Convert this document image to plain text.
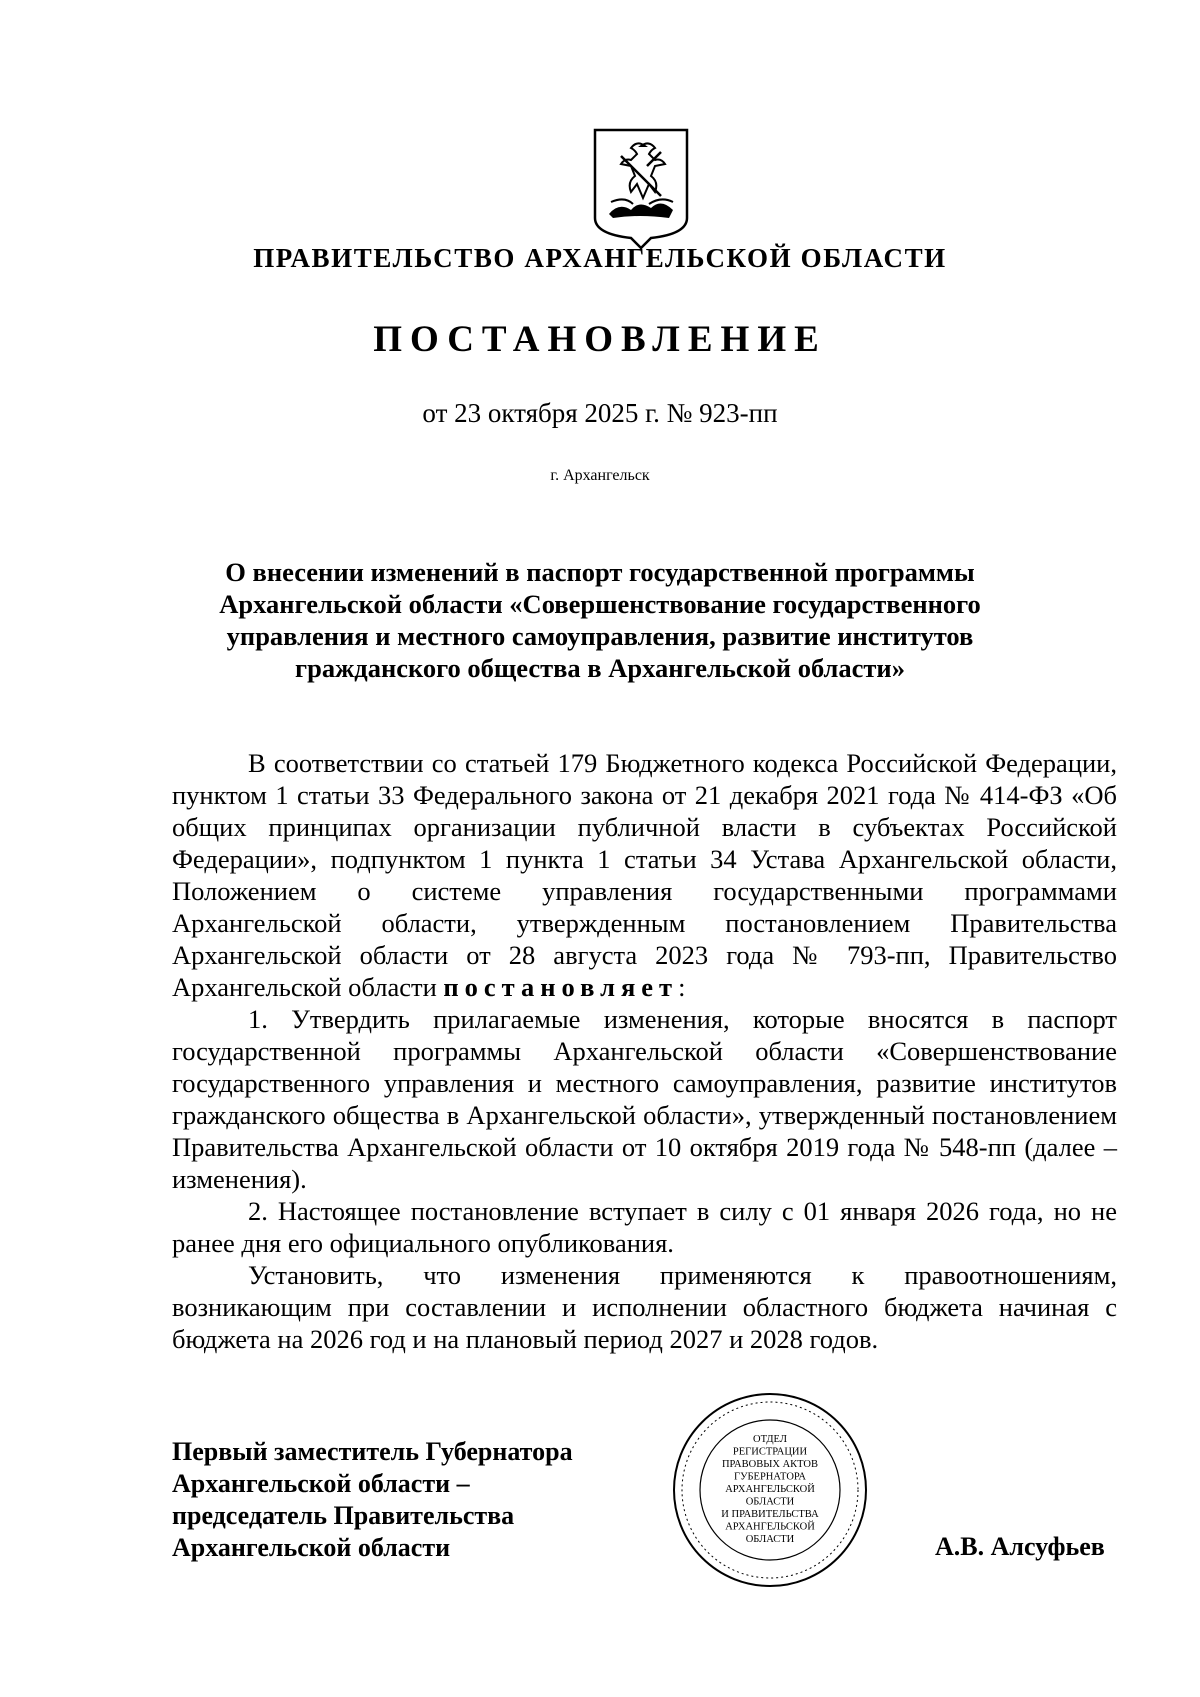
ПРАВИТЕЛЬСТВО АРХАНГЕЛЬСКОЙ ОБЛАСТИ
ПОСТАНОВЛЕНИЕ
от 23 октября 2025 г. № 923-пп
г. Архангельск
О внесении изменений в паспорт государственной программы
Архангельской области «Совершенствование государственного
управления и местного самоуправления, развитие институтов
гражданского общества в Архангельской области»

В соответствии со статьей 179 Бюджетного кодекса Российской Федерации, пунктом 1 статьи 33 Федерального закона от 21 декабря 2021 года № 414-ФЗ «Об общих принципах организации публичной власти в субъектах Российской Федерации», подпунктом 1 пункта 1 статьи 34 Устава Архангельской области, Положением о системе управления государственными программами Архангельской области, утвержденным постановлением Правительства Архангельской области от 28 августа 2023 года № 793-пп, Правительство Архангельской области постановляет:

1. Утвердить прилагаемые изменения, которые вносятся в паспорт государственной программы Архангельской области «Совершенствование государственного управления и местного самоуправления, развитие институтов гражданского общества в Архангельской области», утвержденный постановлением Правительства Архангельской области от 10 октября 2019 года № 548-пп (далее – изменения).

2. Настоящее постановление вступает в силу с 01 января 2026 года, но не ранее дня его официального опубликования.

Установить, что изменения применяются к правоотношениям, возникающим при составлении и исполнении областного бюджета начиная с бюджета на 2026 год и на плановый период 2027 и 2028 годов.

Первый заместитель Губернатора
Архангельской области –
председатель Правительства
Архангельской области
ОТДЕЛ
РЕГИСТРАЦИИ
ПРАВОВЫХ АКТОВ
ГУБЕРНАТОРА
АРХАНГЕЛЬСКОЙ
ОБЛАСТИ
И ПРАВИТЕЛЬСТВА
АРХАНГЕЛЬСКОЙ
ОБЛАСТИ	А.В. Алсуфьев
